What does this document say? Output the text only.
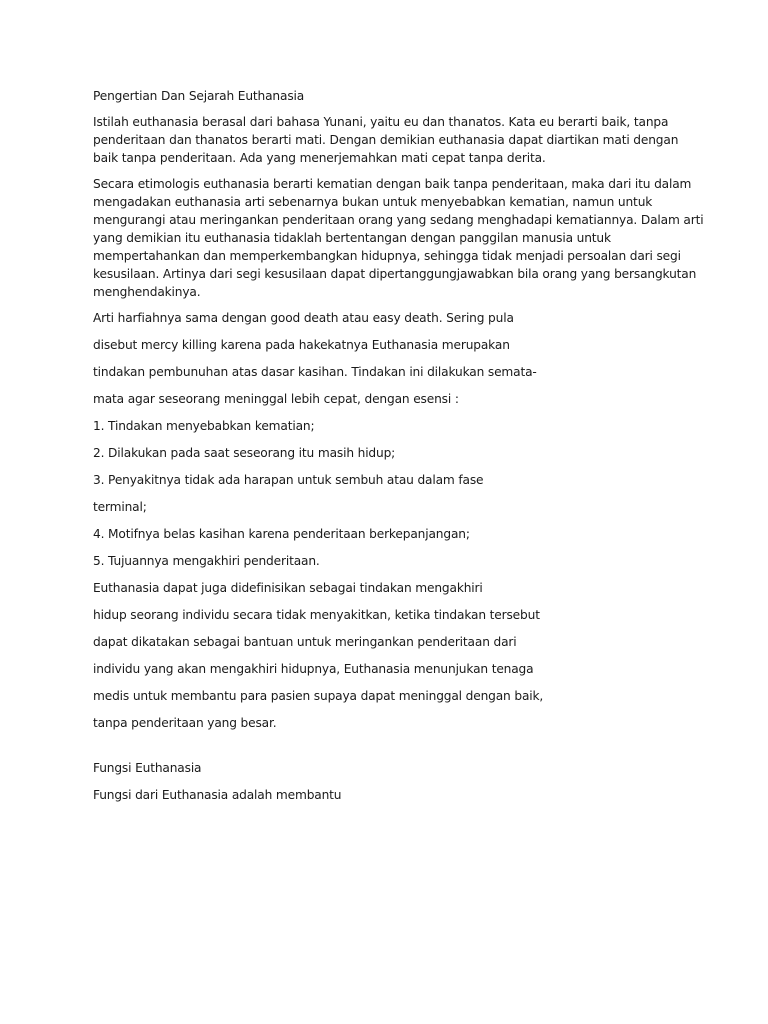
Pengertian Dan Sejarah Euthanasia

Istilah euthanasia berasal dari bahasa Yunani, yaitu eu dan thanatos. Kata eu berarti baik, tanpa
penderitaan dan thanatos berarti mati. Dengan demikian euthanasia dapat diartikan mati dengan
baik tanpa penderitaan. Ada yang menerjemahkan mati cepat tanpa derita.

Secara etimologis euthanasia berarti kematian dengan baik tanpa penderitaan, maka dari itu dalam
mengadakan euthanasia arti sebenarnya bukan untuk menyebabkan kematian, namun untuk
mengurangi atau meringankan penderitaan orang yang sedang menghadapi kematiannya. Dalam arti
yang demikian itu euthanasia tidaklah bertentangan dengan panggilan manusia untuk
mempertahankan dan memperkembangkan hidupnya, sehingga tidak menjadi persoalan dari segi
kesusilaan. Artinya dari segi kesusilaan dapat dipertanggungjawabkan bila orang yang bersangkutan
menghendakinya.

Arti harfiahnya sama dengan good death atau easy death. Sering pula

disebut mercy killing karena pada hakekatnya Euthanasia merupakan

tindakan pembunuhan atas dasar kasihan. Tindakan ini dilakukan semata-

mata agar seseorang meninggal lebih cepat, dengan esensi :

1. Tindakan menyebabkan kematian;

2. Dilakukan pada saat seseorang itu masih hidup;

3. Penyakitnya tidak ada harapan untuk sembuh atau dalam fase

terminal;

4. Motifnya belas kasihan karena penderitaan berkepanjangan;

5. Tujuannya mengakhiri penderitaan.

Euthanasia dapat juga didefinisikan sebagai tindakan mengakhiri

hidup seorang individu secara tidak menyakitkan, ketika tindakan tersebut

dapat dikatakan sebagai bantuan untuk meringankan penderitaan dari

individu yang akan mengakhiri hidupnya, Euthanasia menunjukan tenaga

medis untuk membantu para pasien supaya dapat meninggal dengan baik,

tanpa penderitaan yang besar.

Fungsi Euthanasia

Fungsi dari Euthanasia adalah membantu
